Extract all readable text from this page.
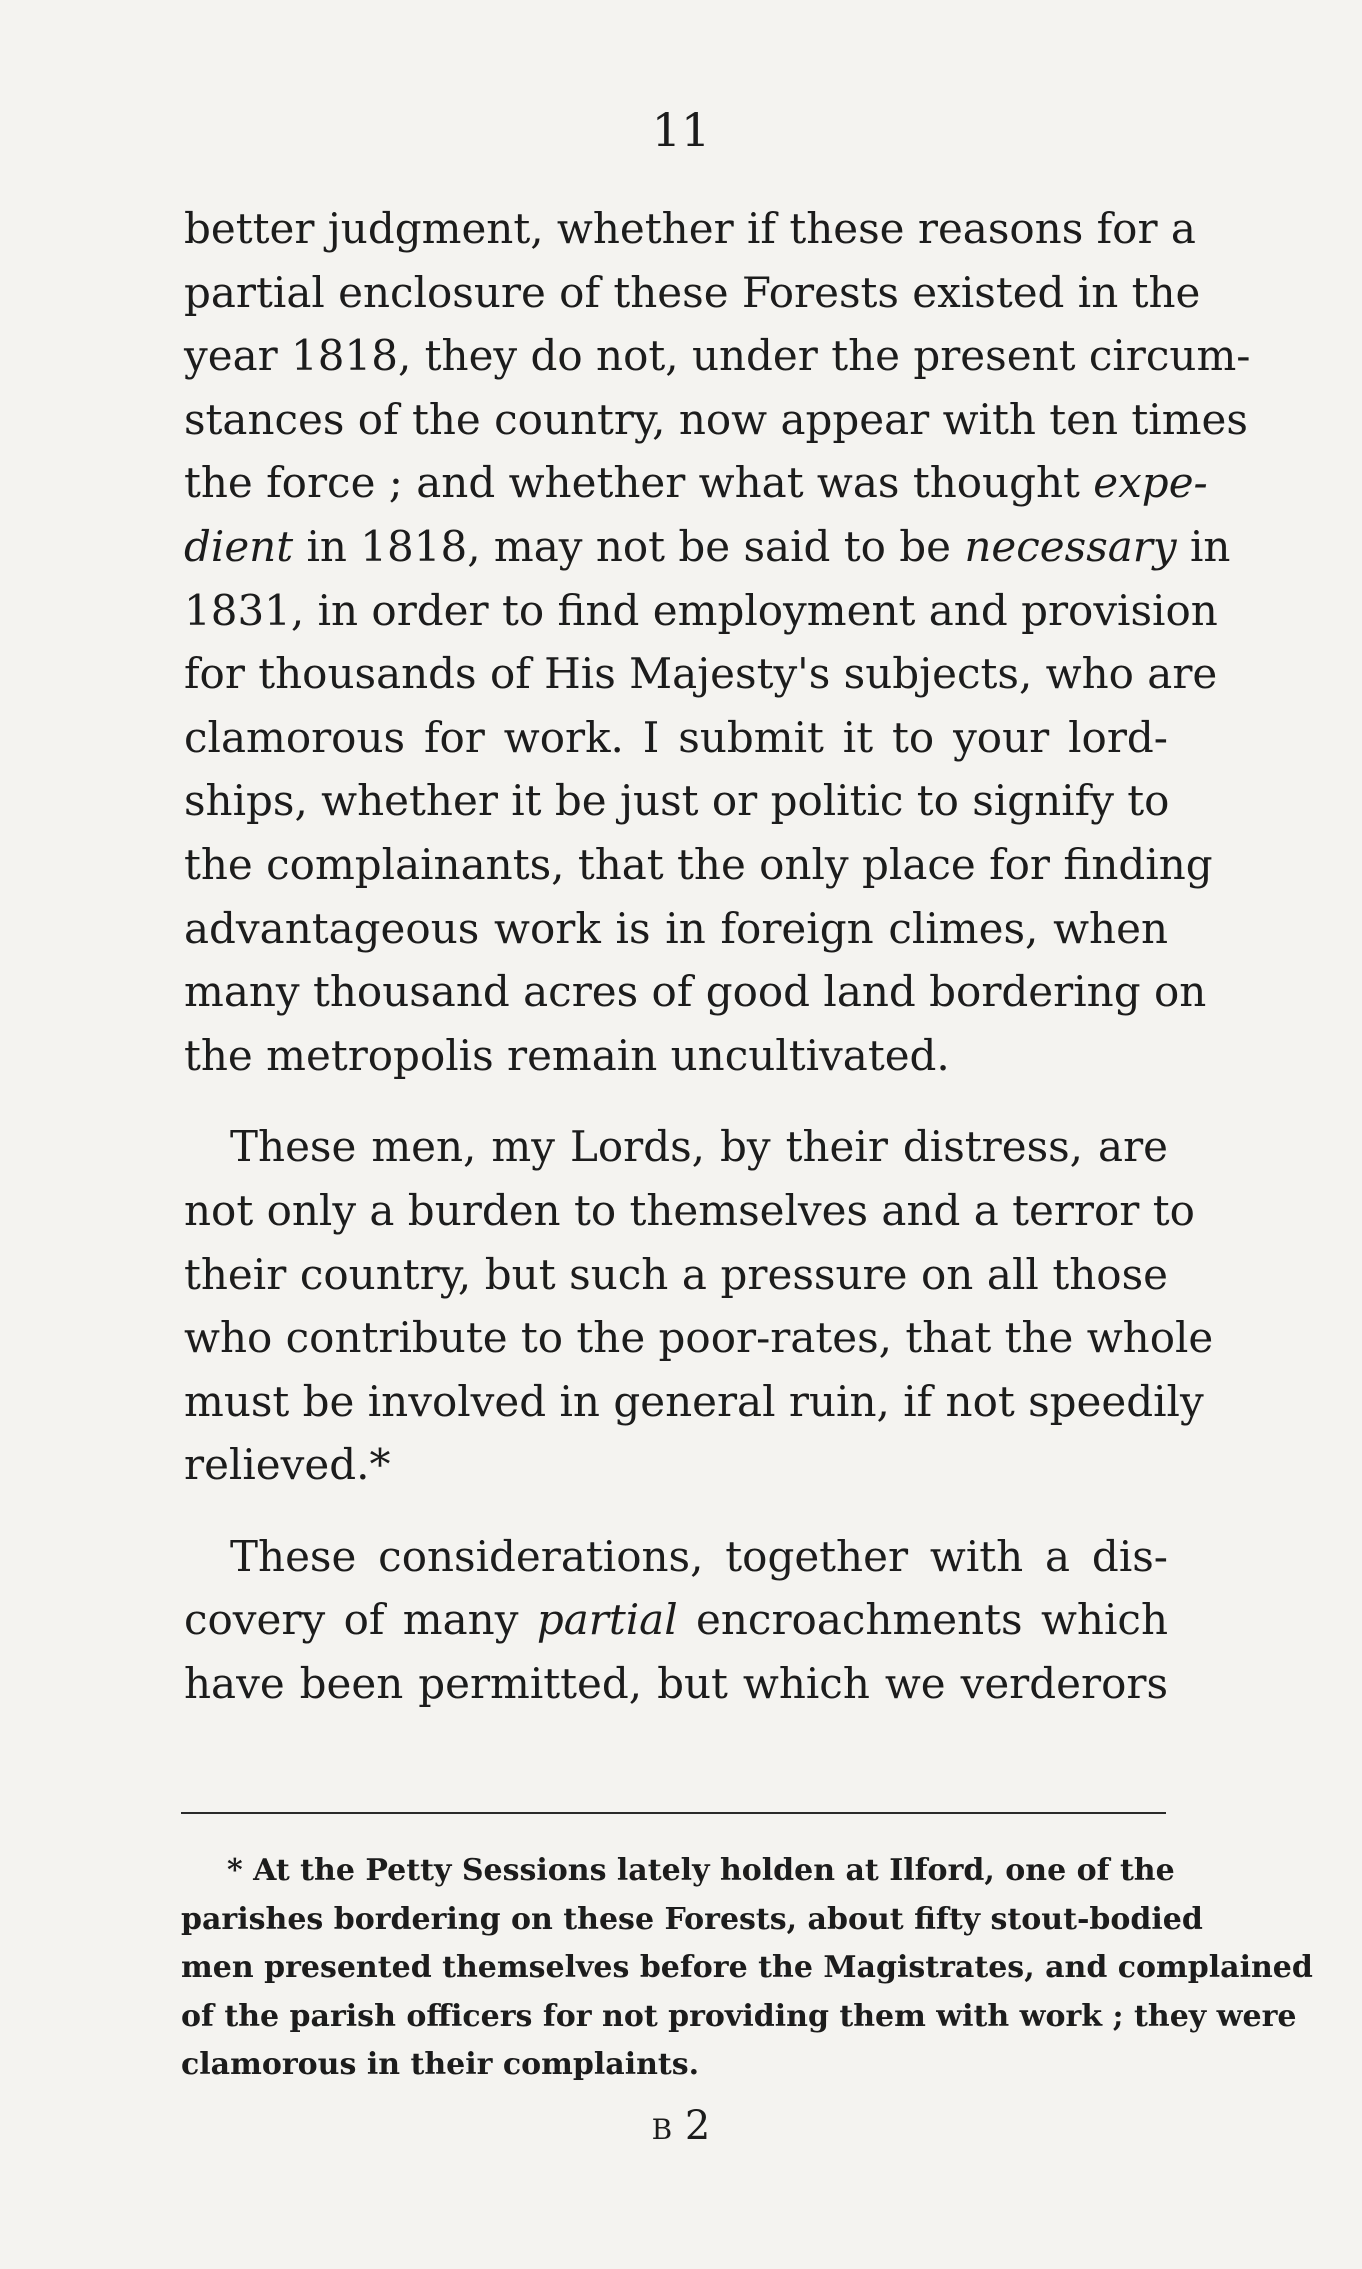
11
better judgment, whether if these reasons for a
partial enclosure of these Forests existed in the
year 1818, they do not, under the present circum-
stances of the country, now appear with ten times
the force ; and whether what was thought expe-
dient in 1818, may not be said to be necessary in
1831, in order to find employment and provision
for thousands of His Majesty's subjects, who are
clamorous for work. I submit it to your lord-
ships, whether it be just or politic to signify to
the complainants, that the only place for finding
advantageous work is in foreign climes, when
many thousand acres of good land bordering on
the metropolis remain uncultivated.
These men, my Lords, by their distress, are
not only a burden to themselves and a terror to
their country, but such a pressure on all those
who contribute to the poor-rates, that the whole
must be involved in general ruin, if not speedily
relieved.*
These considerations, together with a dis-
covery of many partial encroachments which
have been permitted, but which we verderors
* At the Petty Sessions lately holden at Ilford, one of the
parishes bordering on these Forests, about fifty stout-bodied
men presented themselves before the Magistrates, and complained
of the parish officers for not providing them with work ; they were
clamorous in their complaints.
B 2
